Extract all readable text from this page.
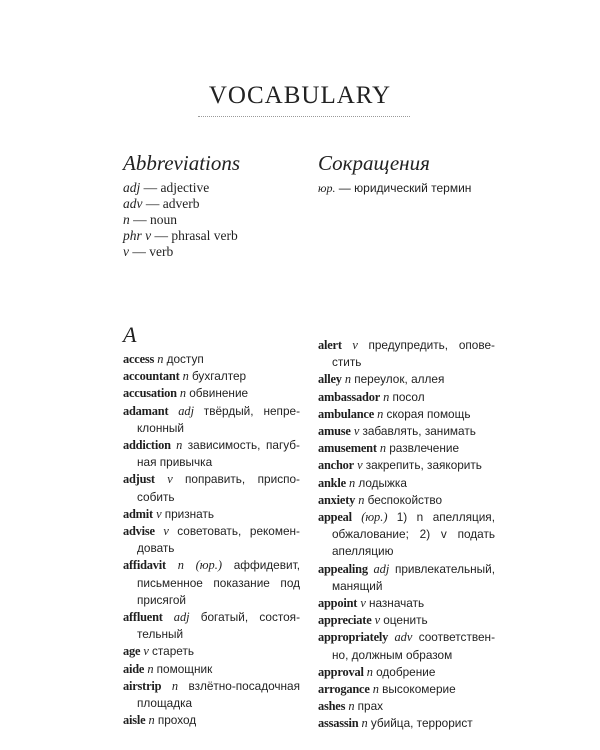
VOCABULARY
Abbreviations	Сокращения
adj — adjective
adv — adverb
n — noun
phr v — phrasal verb
v — verb
юр. — юридический термин
A
access n доступ
accountant n бухгалтер
accusation n обвинение
adamant adj твёрдый, непре-клонный
addiction n зависимость, пагуб-ная привычка
adjust v поправить, приспо-собить
admit v признать
advise v советовать, рекомен-довать
affidavit n (юр.) аффидевит, письменное показание под присягой
affluent adj богатый, состоя-тельный
age v стареть
aide n помощник
airstrip n взлётно-посадочная площадка
aisle n проход
alert v предупредить, опове-стить
alley n переулок, аллея
ambassador n посол
ambulance n скорая помощь
amuse v забавлять, занимать
amusement n развлечение
anchor v закрепить, заякорить
ankle n лодыжка
anxiety n беспокойство
appeal (юр.) 1) n апелляция, обжалование; 2) v подать апелляцию
appealing adj привлекательный, манящий
appoint v назначать
appreciate v оценить
appropriately adv соответствен-но, должным образом
approval n одобрение
arrogance n высокомерие
ashes n прах
assassin n убийца, террорист
